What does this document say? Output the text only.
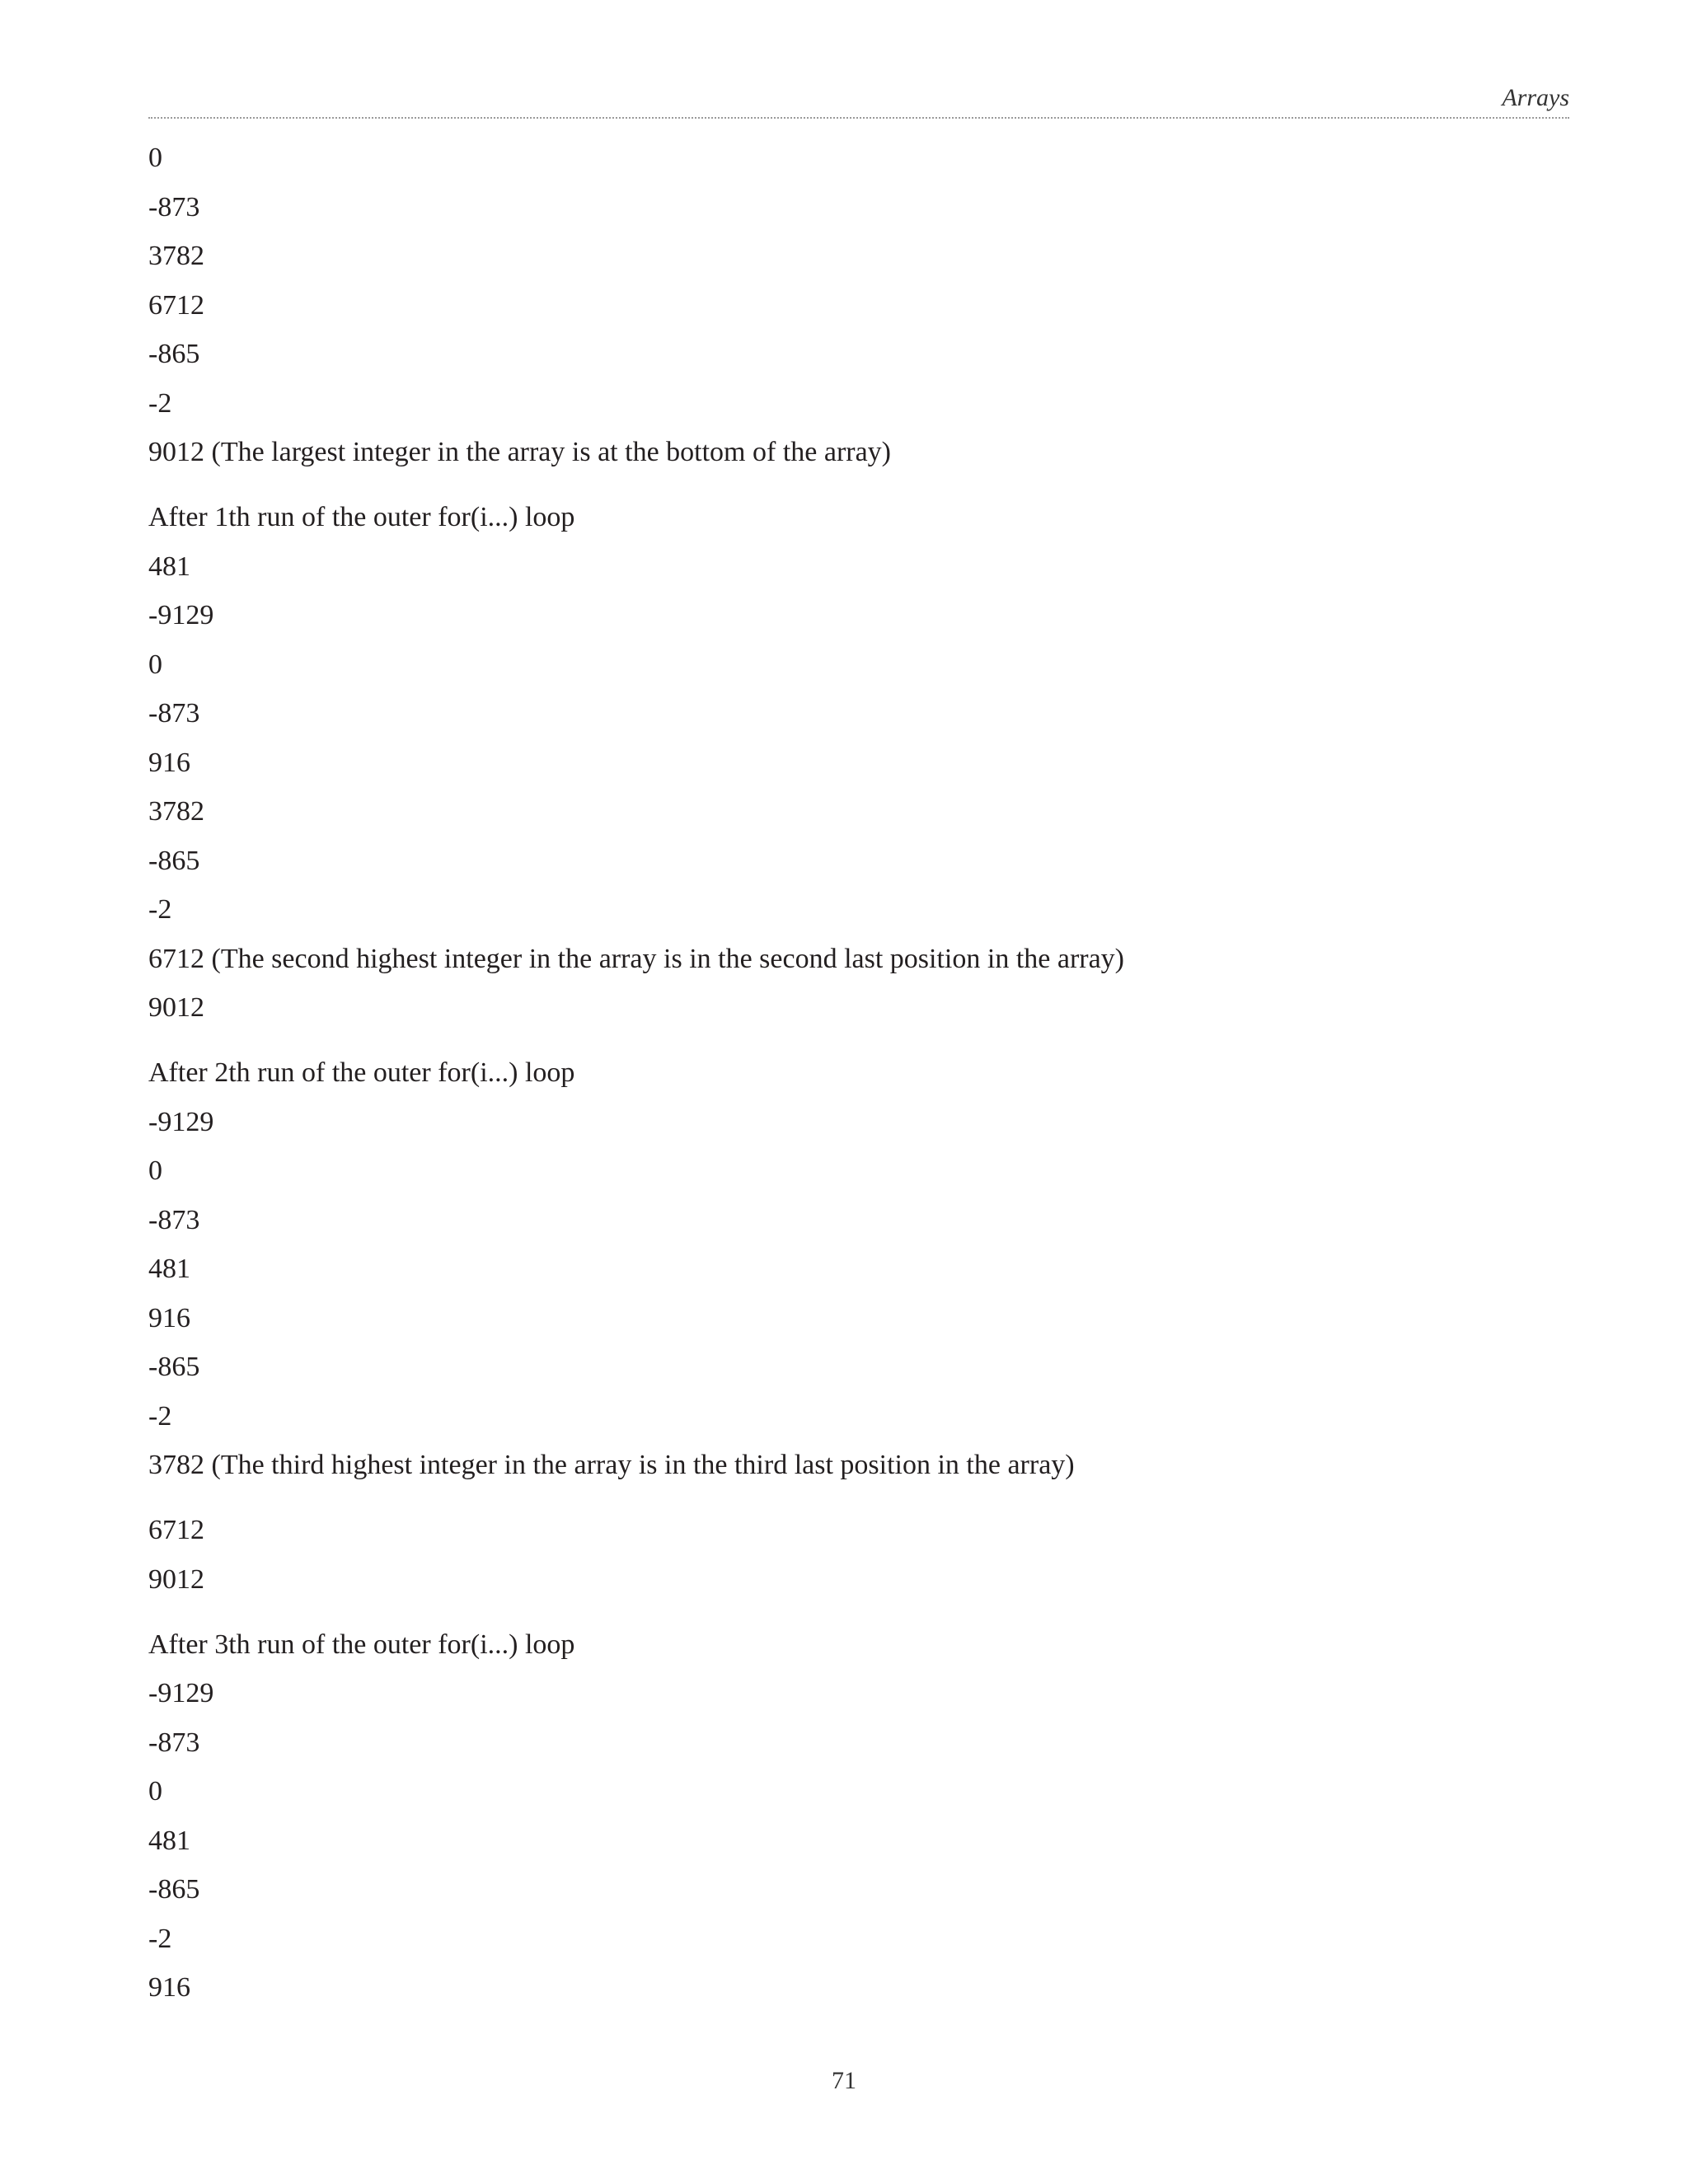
Arrays
0
-873
3782
6712
-865
-2
9012 (The largest integer in the array is at the bottom of the array)
After 1th run of the outer for(i...) loop
481
-9129
0
-873
916
3782
-865
-2
6712 (The second highest integer in the array is in the second last position in the array)
9012
After 2th run of the outer for(i...) loop
-9129
0
-873
481
916
-865
-2
3782 (The third highest integer in the array is in the third last position in the array)
6712
9012
After 3th run of the outer for(i...) loop
-9129
-873
0
481
-865
-2
916
71
